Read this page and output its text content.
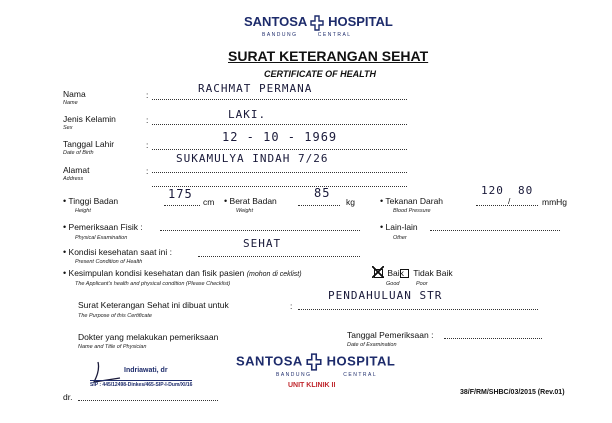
SANTOSA HOSPITAL
BANDUNG	CENTRAL
SURAT KETERANGAN SEHAT
CERTIFICATE OF HEALTH
Nama
Name
:	RACHMAT PERMANA
Jenis Kelamin
Sex
:	LAKI.
Tanggal Lahir
Date of Birth
:
12 - 10 - 1969
Alamat
Address
:
SUKAMULYA INDAH 7/26
• Tinggi Badan
Height
175
cm • Berat Badan
Weight
85
kg	• Tekanan Darah
Blood Pressure
120
/
80
mmHg
• Pemeriksaan Fisik :
Physical Examination
• Lain-lain
Other
• Kondisi kesehatan saat ini :
Present Condition of Health
SEHAT
• Kesimpulan kondisi kesehatan dan fisik pasien (mohon di ceklist)
The Applicant's health and physical condition (Please Checklist)
Baik
Good
Tidak Baik
Poor
Surat Keterangan Sehat ini dibuat untuk
The Purpose of this Certificate
:
PENDAHULUAN STR
Dokter yang melakukan pemeriksaan
Name and Title of Physician
Tanggal Pemeriksaan :
Date of Examination
Indriawati, dr
SIP : 445/12498-Dinkes/465-SIP-I-Dum/XI/16
SANTOSA HOSPITAL
BANDUNG	CENTRAL
UNIT KLINIK II
dr.	38/F/RM/SHBC/03/2015 (Rev.01)
